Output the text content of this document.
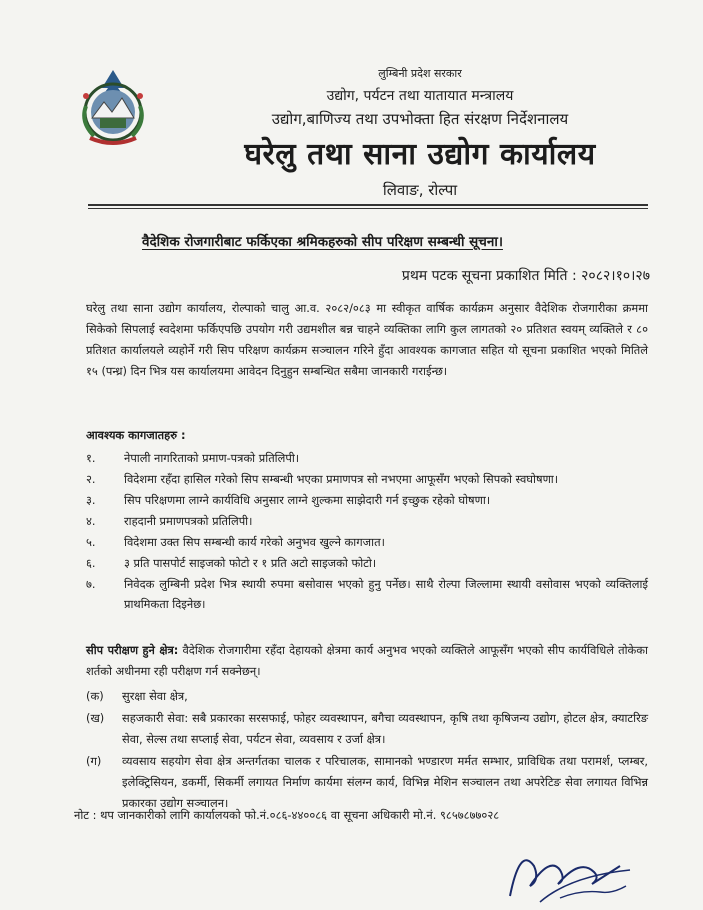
लुम्बिनी प्रदेश सरकार
उद्योग, पर्यटन तथा यातायात मन्त्रालय
उद्योग,बाणिज्य तथा उपभोक्ता हित संरक्षण निर्देशनालय
घरेलु तथा साना उद्योग कार्यालय
लिवाङ, रोल्पा
वैदेशिक रोजगारीबाट फर्किएका श्रमिकहरुको सीप परिक्षण सम्बन्धी सूचना।
प्रथम पटक सूचना प्रकाशित मिति : २०८२।१०।२७
घरेलु तथा साना उद्योग कार्यालय, रोल्पाको चालु आ.व. २०८२/०८३ मा स्वीकृत वार्षिक कार्यक्रम अनुसार वैदेशिक रोजगारीका क्रममा सिकेको सिपलाई स्वदेशमा फर्किएपछि उपयोग गरी उद्यमशील बन्न चाहने व्यक्तिका लागि कुल लागतको २० प्रतिशत स्वयम् व्यक्तिले र ८० प्रतिशत कार्यालयले व्यहोर्ने गरी सिप परिक्षण कार्यक्रम सञ्चालन गरिने हुँदा आवश्यक कागजात सहित यो सूचना प्रकाशित भएको मितिले १५ (पन्ध्र) दिन भित्र यस कार्यालयमा आवेदन दिनुहुन सम्बन्धित सबैमा जानकारी गराईन्छ।
आवश्यक कागजातहरु :
१.	नेपाली नागरिताको प्रमाण-पत्रको प्रतिलिपी।
२.	विदेशमा रहँदा हासिल गरेको सिप सम्बन्धी भएका प्रमाणपत्र सो नभएमा आफूसँग भएको सिपको स्वघोषणा।
३.	सिप परिक्षणमा लाग्ने कार्यविधि अनुसार लाग्ने शुल्कमा साझेदारी गर्न इच्छुक रहेको घोषणा।
४.	राहदानी प्रमाणपत्रको प्रतिलिपी।
५.	विदेशमा उक्त सिप सम्बन्धी कार्य गरेको अनुभव खुल्ने कागजात।
६.	३ प्रति पासपोर्ट साइजको फोटो र १ प्रति अटो साइजको फोटो।
७.	निवेदक लुम्बिनी प्रदेश भित्र स्थायी रुपमा बसोवास भएको हुनु पर्नेछ। साथै रोल्पा जिल्लामा स्थायी वसोवास भएको व्यक्तिलाई प्राथमिकता दिइनेछ।
सीप परीक्षण हुने क्षेत्र: वैदेशिक रोजगारीमा रहँदा देहायको क्षेत्रमा कार्य अनुभव भएको व्यक्तिले आफूसँग भएको सीप कार्यविधिले तोकेका शर्तको अधीनमा रही परीक्षण गर्न सक्नेछन्।
(क)	सुरक्षा सेवा क्षेत्र,
(ख)	सहजकारी सेवा: सबै प्रकारका सरसफाई, फोहर व्यवस्थापन, बगैचा व्यवस्थापन, कृषि तथा कृषिजन्य उद्योग, होटल क्षेत्र, क्याटरिङ सेवा, सेल्स तथा सप्लाई सेवा, पर्यटन सेवा, व्यवसाय र उर्जा क्षेत्र।
(ग)	व्यवसाय सहयोग सेवा क्षेत्र अन्तर्गतका चालक र परिचालक, सामानको भण्डारण मर्मत सम्भार, प्राविधिक तथा परामर्श, प्लम्बर, इलेक्ट्रिसियन, डकर्मी, सिकर्मी लगायत निर्माण कार्यमा संलग्न कार्य, विभिन्न मेशिन सञ्चालन तथा अपरेटिङ सेवा लगायत विभिन्न प्रकारका उद्योग सञ्चालन।
नोट : थप जानकारीको लागि कार्यालयको फो.नं.०८६-४४००८६ वा सूचना अधिकारी मो.नं. ९८५७८७७०२८
